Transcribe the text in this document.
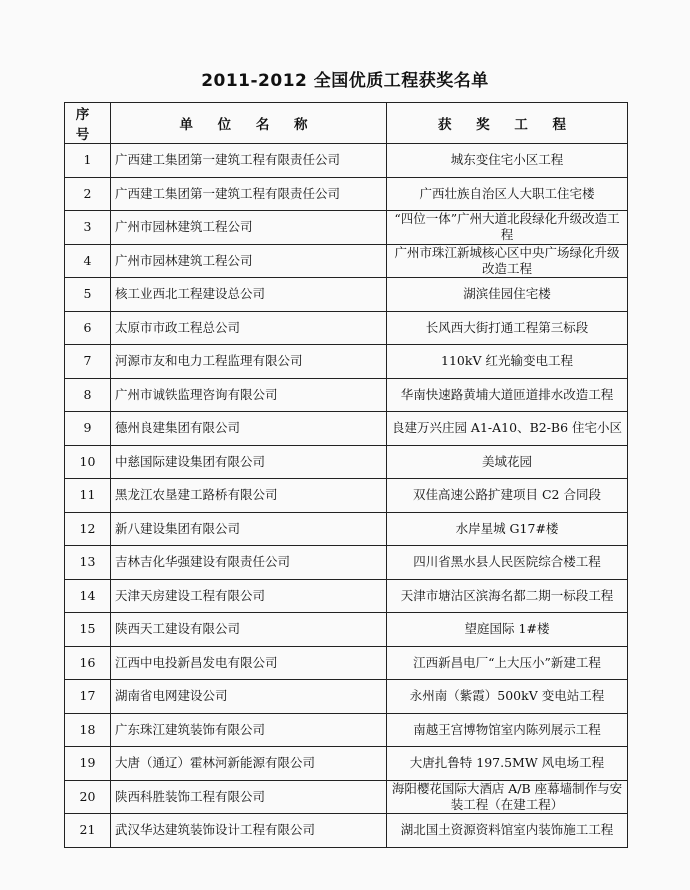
2011-2012 全国优质工程获奖名单
序号	单 位 名 称	获 奖 工 程
1	广西建工集团第一建筑工程有限责任公司	城东变住宅小区工程
2	广西建工集团第一建筑工程有限责任公司	广西壮族自治区人大职工住宅楼
3	广州市园林建筑工程公司	“四位一体”广州大道北段绿化升级改造工程
4	广州市园林建筑工程公司	广州市珠江新城核心区中央广场绿化升级改造工程
5	核工业西北工程建设总公司	湖滨佳园住宅楼
6	太原市市政工程总公司	长风西大街打通工程第三标段
7	河源市友和电力工程监理有限公司	110kV 红光输变电工程
8	广州市诚铁监理咨询有限公司	华南快速路黄埔大道匝道排水改造工程
9	德州良建集团有限公司	良建万兴庄园 A1-A10、B2-B6 住宅小区
10	中慈国际建设集团有限公司	美域花园
11	黑龙江农垦建工路桥有限公司	双佳高速公路扩建项目 C2 合同段
12	新八建设集团有限公司	水岸星城 G17#楼
13	吉林吉化华强建设有限责任公司	四川省黑水县人民医院综合楼工程
14	天津天房建设工程有限公司	天津市塘沽区滨海名都二期一标段工程
15	陕西天工建设有限公司	望庭国际 1#楼
16	江西中电投新昌发电有限公司	江西新昌电厂“上大压小”新建工程
17	湖南省电网建设公司	永州南（紫霞）500kV 变电站工程
18	广东珠江建筑装饰有限公司	南越王宫博物馆室内陈列展示工程
19	大唐（通辽）霍林河新能源有限公司	大唐扎鲁特 197.5MW 风电场工程
20	陕西科胜装饰工程有限公司	海阳樱花国际大酒店 A/B 座幕墙制作与安装工程（在建工程）
21	武汉华达建筑装饰设计工程有限公司	湖北国土资源资料馆室内装饰施工工程
